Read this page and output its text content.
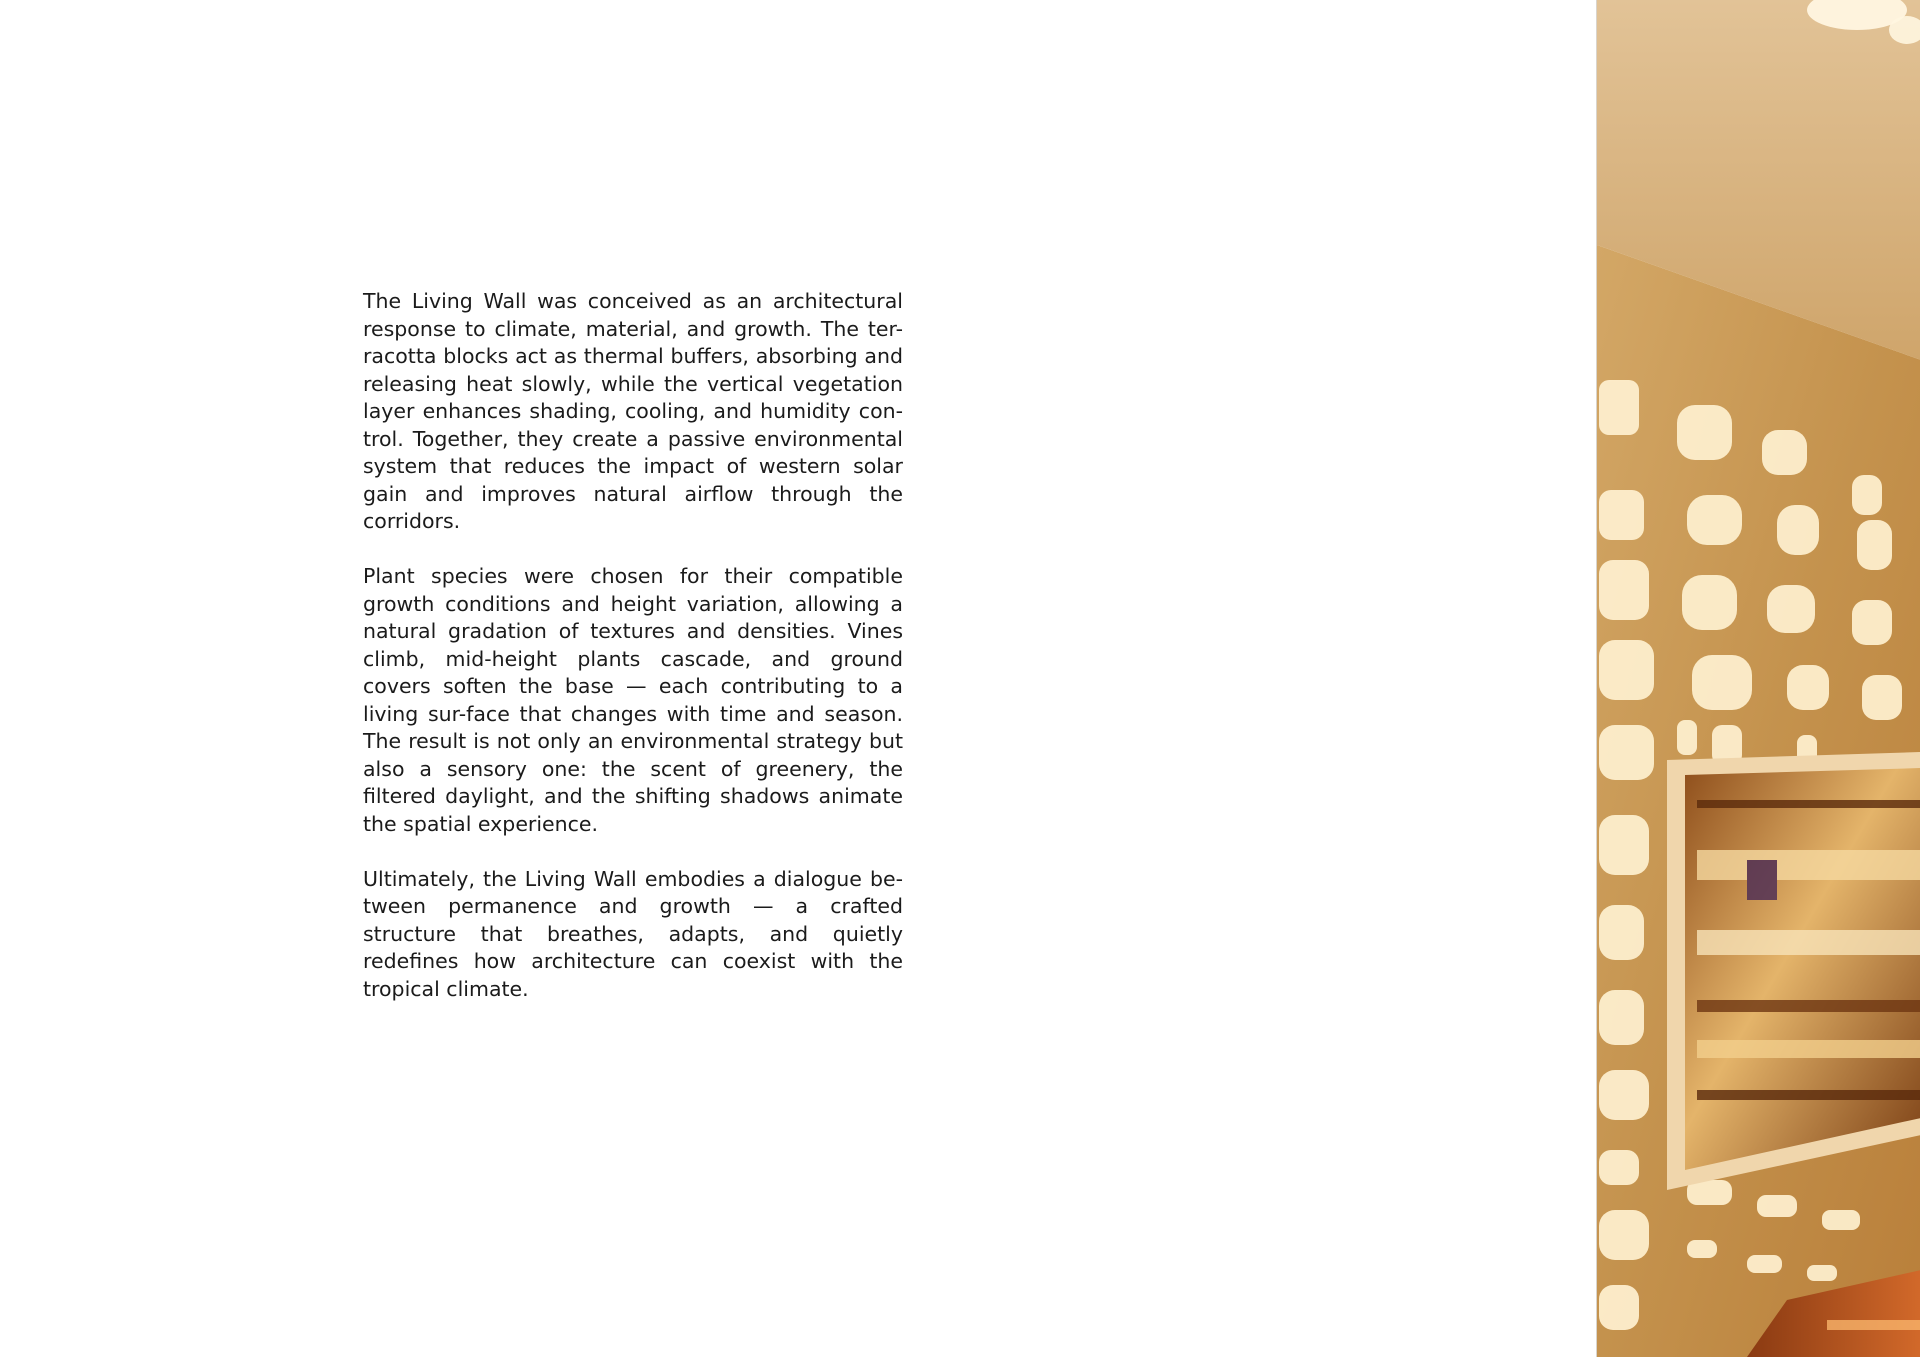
The Living Wall was conceived as an architectural response to climate, material, and growth. The ter-racotta blocks act as thermal buffers, absorbing and releasing heat slowly, while the vertical vegetation layer enhances shading, cooling, and humidity con-trol. Together, they create a passive environmental system that reduces the impact of western solar gain and improves natural airflow through the corridors.

Plant species were chosen for their compatible growth conditions and height variation, allowing a natural gradation of textures and densities. Vines climb, mid-height plants cascade, and ground covers soften the base — each contributing to a living sur-face that changes with time and season. The result is not only an environmental strategy but also a sensory one: the scent of greenery, the filtered daylight, and the shifting shadows animate the spatial experience.

Ultimately, the Living Wall embodies a dialogue be-tween permanence and growth — a crafted structure that breathes, adapts, and quietly redefines how architecture can coexist with the tropical climate.
